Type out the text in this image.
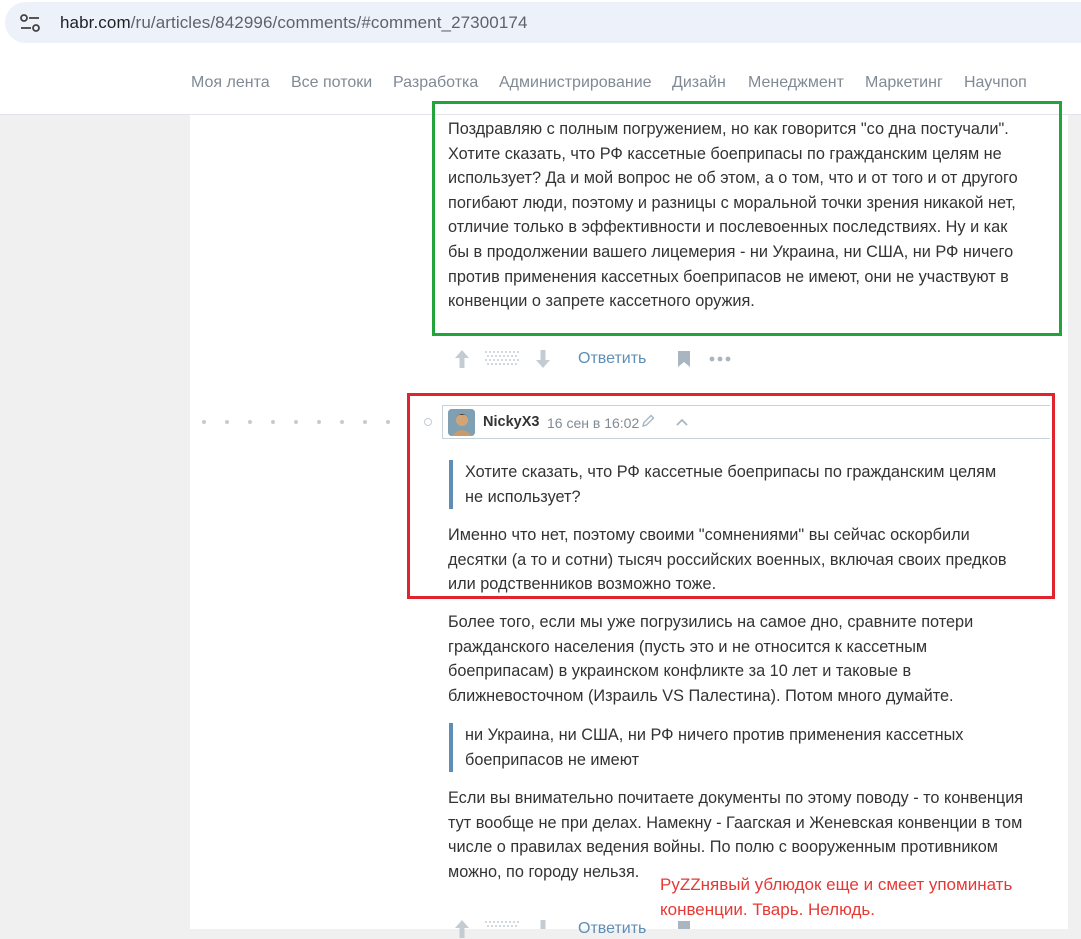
habr.com/ru/articles/842996/comments/#comment_27300174
Моя лента Все потоки Разработка Администрирование Дизайн Менеджмент Маркетинг Научпоп
Поздравляю с полным погружением, но как говорится "со дна постучали".
Хотите сказать, что РФ кассетные боеприпасы по гражданским целям не
использует? Да и мой вопрос не об этом, а о том, что и от того и от другого
погибают люди, поэтому и разницы с моральной точки зрения никакой нет,
отличие только в эффективности и послевоенных последствиях. Ну и как
бы в продолжении вашего лицемерия - ни Украина, ни США, ни РФ ничего
против применения кассетных боеприпасов не имеют, они не участвуют в
конвенции о запрете кассетного оружия.
Ответить
NickyX3 16 сен в 16:02
Хотите сказать, что РФ кассетные боеприпасы по гражданским целям
не использует?
Именно что нет, поэтому своими "сомнениями" вы сейчас оскорбили
десятки (а то и сотни) тысяч российских военных, включая своих предков
или родственников возможно тоже.
Более того, если мы уже погрузились на самое дно, сравните потери
гражданского населения (пусть это и не относится к кассетным
боеприпасам) в украинском конфликте за 10 лет и таковые в
ближневосточном (Израиль VS Палестина). Потом много думайте.
ни Украина, ни США, ни РФ ничего против применения кассетных
боеприпасов не имеют
Если вы внимательно почитаете документы по этому поводу - то конвенция
тут вообще не при делах. Намекну - Гаагская и Женевская конвенции в том
числе о правилах ведения войны. По полю с вооруженным противником
можно, по городу нельзя.
Ответить
PyZZнявый ублюдок еще и смеет упоминать
конвенции. Тварь. Нелюдь.
